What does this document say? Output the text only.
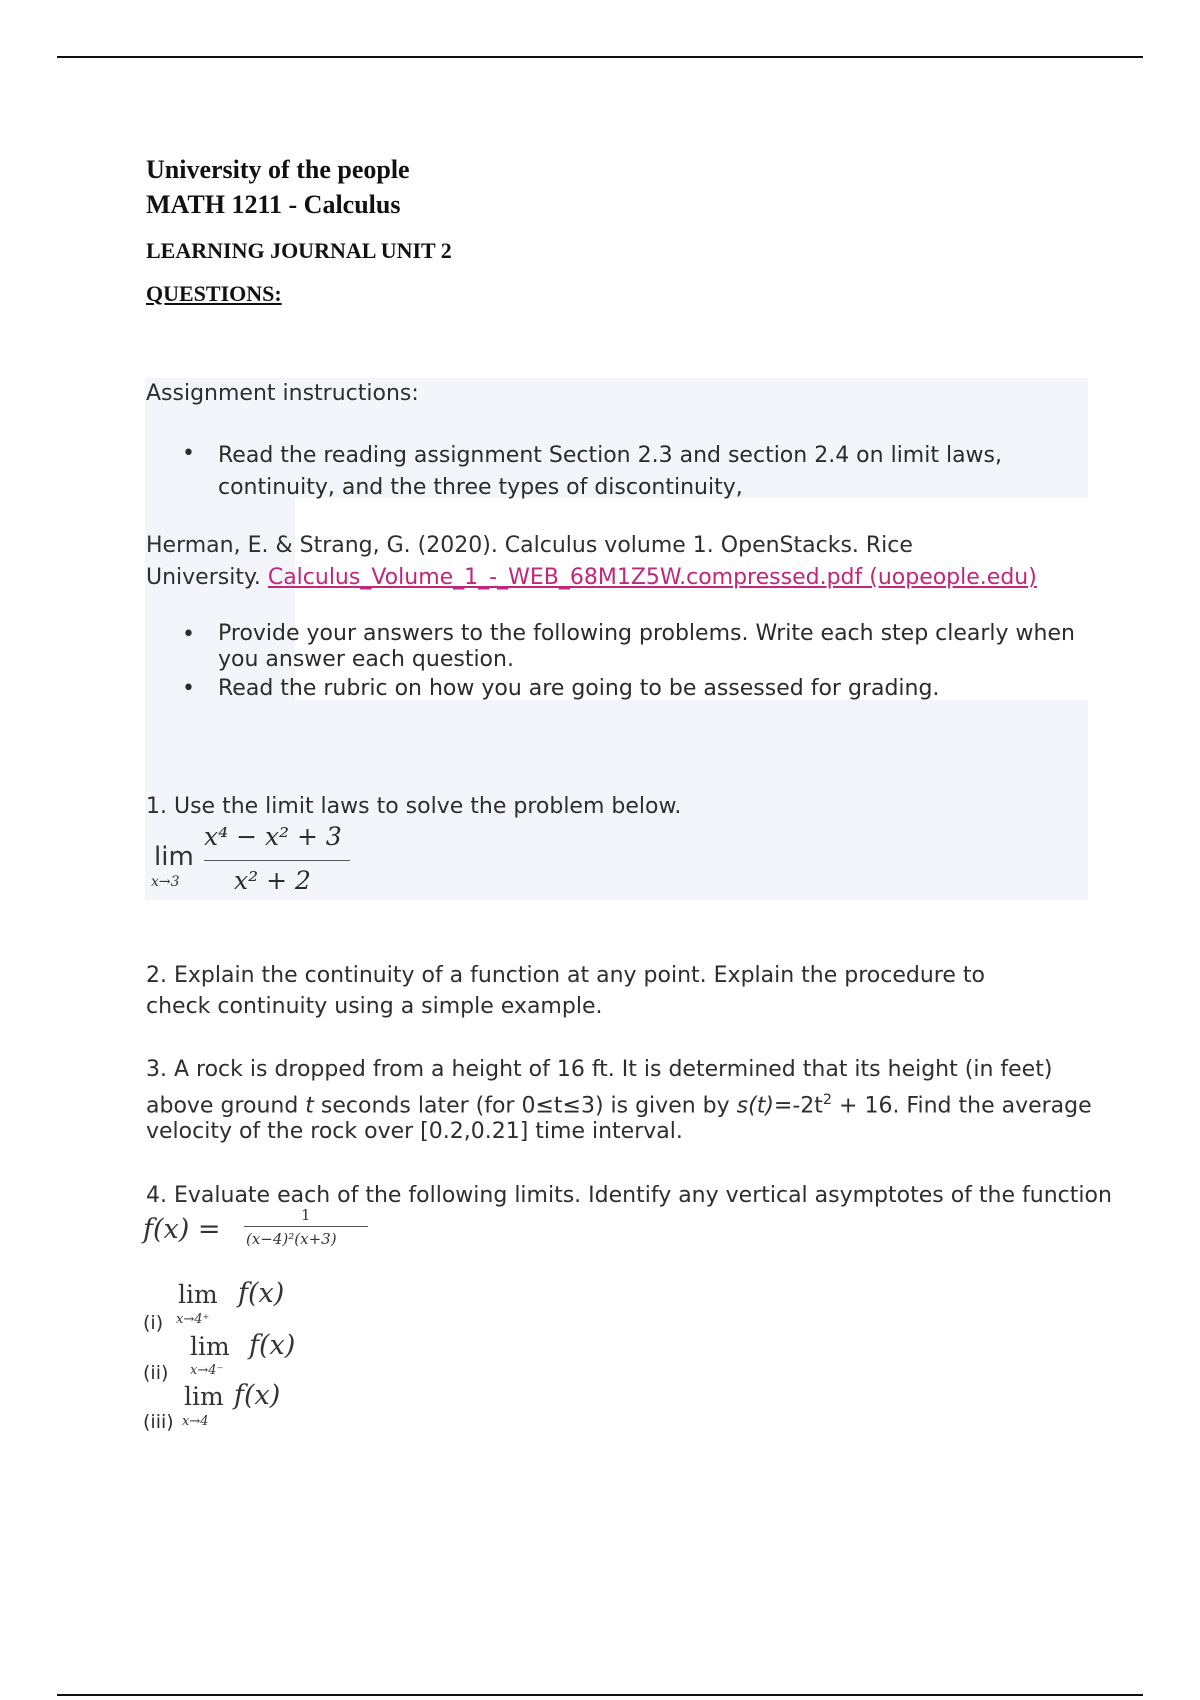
University of the people
MATH 1211 - Calculus
LEARNING JOURNAL UNIT 2
QUESTIONS:
Assignment instructions:
• Read the reading assignment Section 2.3 and section 2.4 on limit laws, continuity, and the three types of discontinuity,
Herman, E. & Strang, G. (2020). Calculus volume 1. OpenStacks. Rice
University. Calculus_Volume_1_-_WEB_68M1Z5W.compressed.pdf (uopeople.edu)
• Provide your answers to the following problems. Write each step clearly when you answer each question.
• Read the rubric on how you are going to be assessed for grading.
1. Use the limit laws to solve the problem below.
lim
x→3
x⁴ − x² + 3
x² + 2
2. Explain the continuity of a function at any point. Explain the procedure to check continuity using a simple example.
3. A rock is dropped from a height of 16 ft. It is determined that its height (in feet)
above ground t seconds later (for 0≤t≤3) is given by $s(t)=-2t^2 + 16$. Find the average
velocity of the rock over [0.2,0.21] time interval.
4. Evaluate each of the following limits. Identify any vertical asymptotes of the function
f(x) =	1
(x−4)²(x+3)
(i)
lim
x→4⁺
f(x)
(ii)
lim
x→4⁻
f(x)
(iii)
lim
x→4
f(x)
